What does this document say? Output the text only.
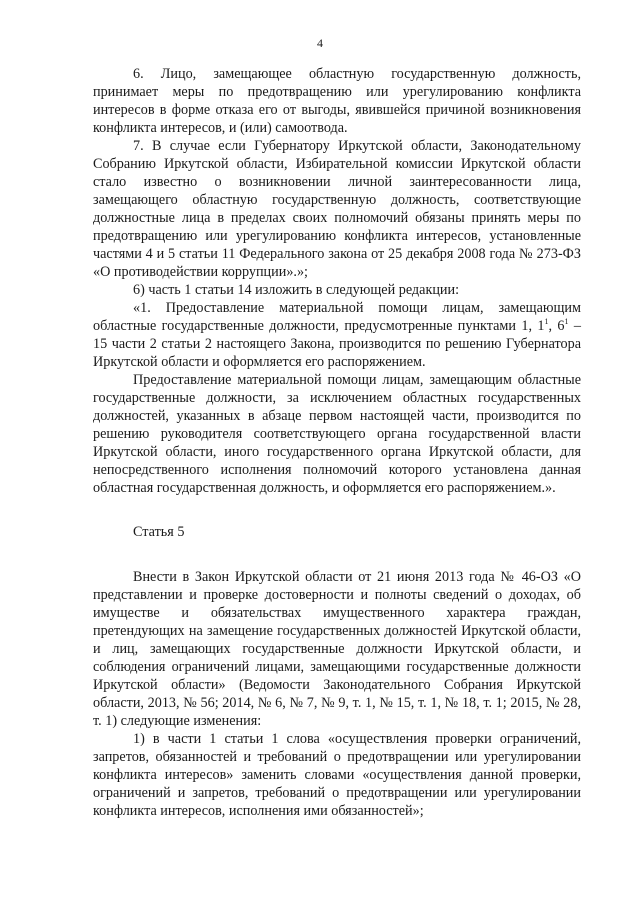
4

6. Лицо, замещающее областную государственную должность, принимает меры по предотвращению или урегулированию конфликта интересов в форме отказа его от выгоды, явившейся причиной возникновения конфликта интересов, и (или) самоотвода.

7. В случае если Губернатору Иркутской области, Законодательному Собранию Иркутской области, Избирательной комиссии Иркутской области стало известно о возникновении личной заинтересованности лица, замещающего областную государственную должность, соответствующие должностные лица в пределах своих полномочий обязаны принять меры по предотвращению или урегулированию конфликта интересов, установленные частями 4 и 5 статьи 11 Федерального закона от 25 декабря 2008 года № 273-ФЗ «О противодействии коррупции».»;

6) часть 1 статьи 14 изложить в следующей редакции:

«1. Предоставление материальной помощи лицам, замещающим областные государственные должности, предусмотренные пунктами 1, $1^1$, $6^1 - 15$ части 2 статьи 2 настоящего Закона, производится по решению Губернатора Иркутской области и оформляется его распоряжением.

Предоставление материальной помощи лицам, замещающим областные государственные должности, за исключением областных государственных должностей, указанных в абзаце первом настоящей части, производится по решению руководителя соответствующего органа государственной власти Иркутской области, иного государственного органа Иркутской области, для непосредственного исполнения полномочий которого установлена данная областная государственная должность, и оформляется его распоряжением.».

Статья 5

Внести в Закон Иркутской области от 21 июня 2013 года № 46-ОЗ «О представлении и проверке достоверности и полноты сведений о доходах, об имуществе и обязательствах имущественного характера граждан, претендующих на замещение государственных должностей Иркутской области, и лиц, замещающих государственные должности Иркутской области, и соблюдения ограничений лицами, замещающими государственные должности Иркутской области» (Ведомости Законодательного Собрания Иркутской области, 2013, № 56; 2014, № 6, № 7, № 9, т. 1, № 15, т. 1, № 18, т. 1; 2015, № 28, т. 1) следующие изменения:

1) в части 1 статьи 1 слова «осуществления проверки ограничений, запретов, обязанностей и требований о предотвращении или урегулировании конфликта интересов» заменить словами «осуществления данной проверки, ограничений и запретов, требований о предотвращении или урегулировании конфликта интересов, исполнения ими обязанностей»;
